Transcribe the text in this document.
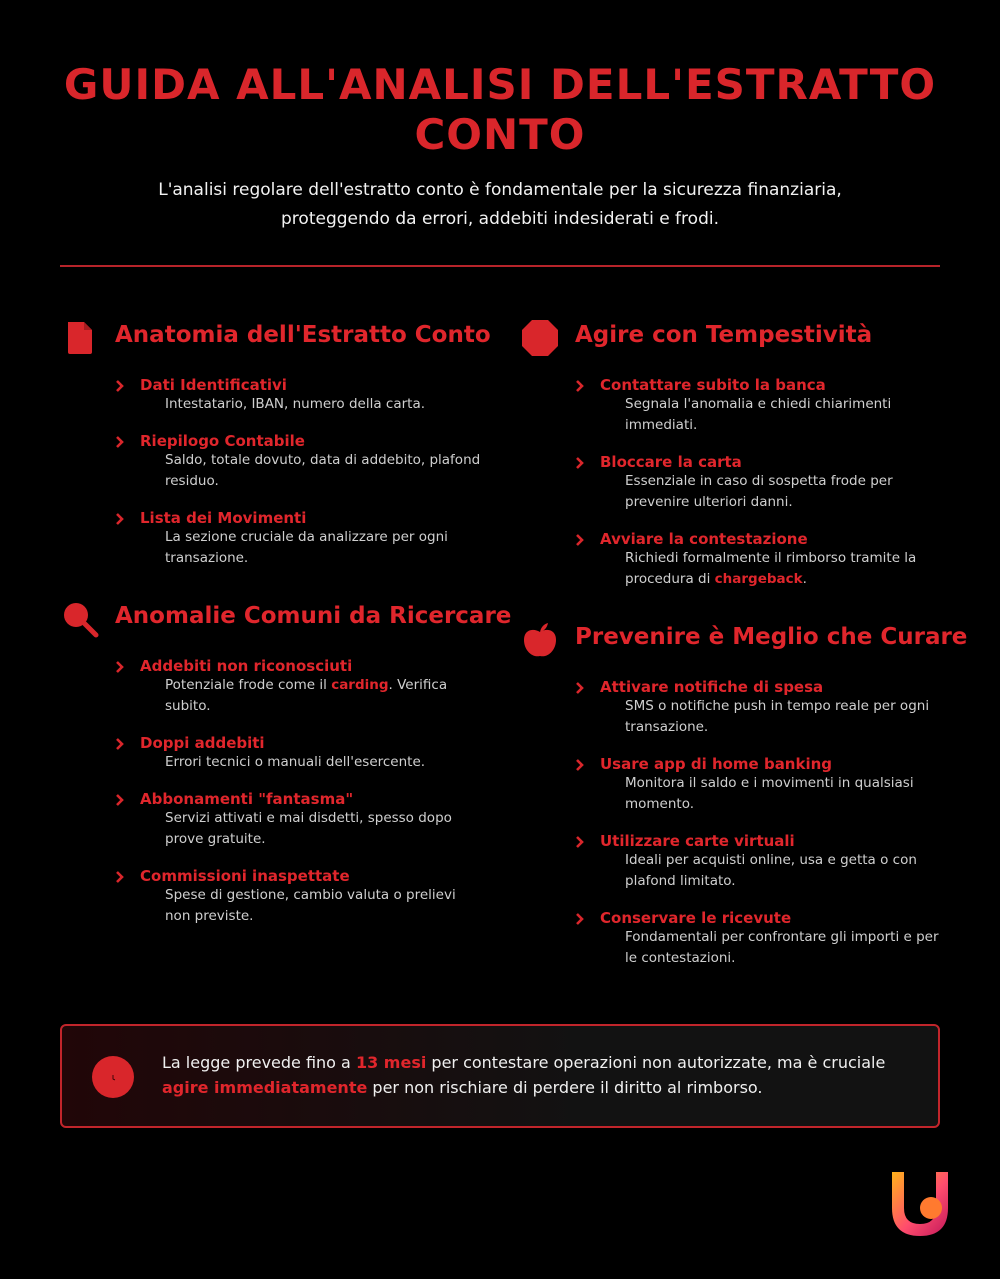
GUIDA ALL'ANALISI DELL'ESTRATTO CONTO

L'analisi regolare dell'estratto conto è fondamentale per la sicurezza finanziaria,
proteggendo da errori, addebiti indesiderati e frodi.

Anatomia dell'Estratto Conto
Dati Identificativi
Intestatario, IBAN, numero della carta.
Riepilogo Contabile
Saldo, totale dovuto, data di addebito, plafond residuo.
Lista dei Movimenti
La sezione cruciale da analizzare per ogni transazione.
Anomalie Comuni da Ricercare
Addebiti non riconosciuti
Potenziale frode come il carding. Verifica subito.
Doppi addebiti
Errori tecnici o manuali dell'esercente.
Abbonamenti "fantasma"
Servizi attivati e mai disdetti, spesso dopo prove gratuite.
Commissioni inaspettate
Spese di gestione, cambio valuta o prelievi non previste.
Agire con Tempestività
Contattare subito la banca
Segnala l'anomalia e chiedi chiarimenti immediati.
Bloccare la carta
Essenziale in caso di sospetta frode per prevenire ulteriori danni.
Avviare la contestazione
Richiedi formalmente il rimborso tramite la procedura di chargeback.
Prevenire è Meglio che Curare
Attivare notifiche di spesa
SMS o notifiche push in tempo reale per ogni transazione.
Usare app di home banking
Monitora il saldo e i movimenti in qualsiasi momento.
Utilizzare carte virtuali
Ideali per acquisti online, usa e getta o con plafond limitato.
Conservare le ricevute
Fondamentali per confrontare gli importi e per le contestazioni.
La legge prevede fino a 13 mesi per contestare operazioni non autorizzate, ma è cruciale agire immediatamente per non rischiare di perdere il diritto al rimborso.
